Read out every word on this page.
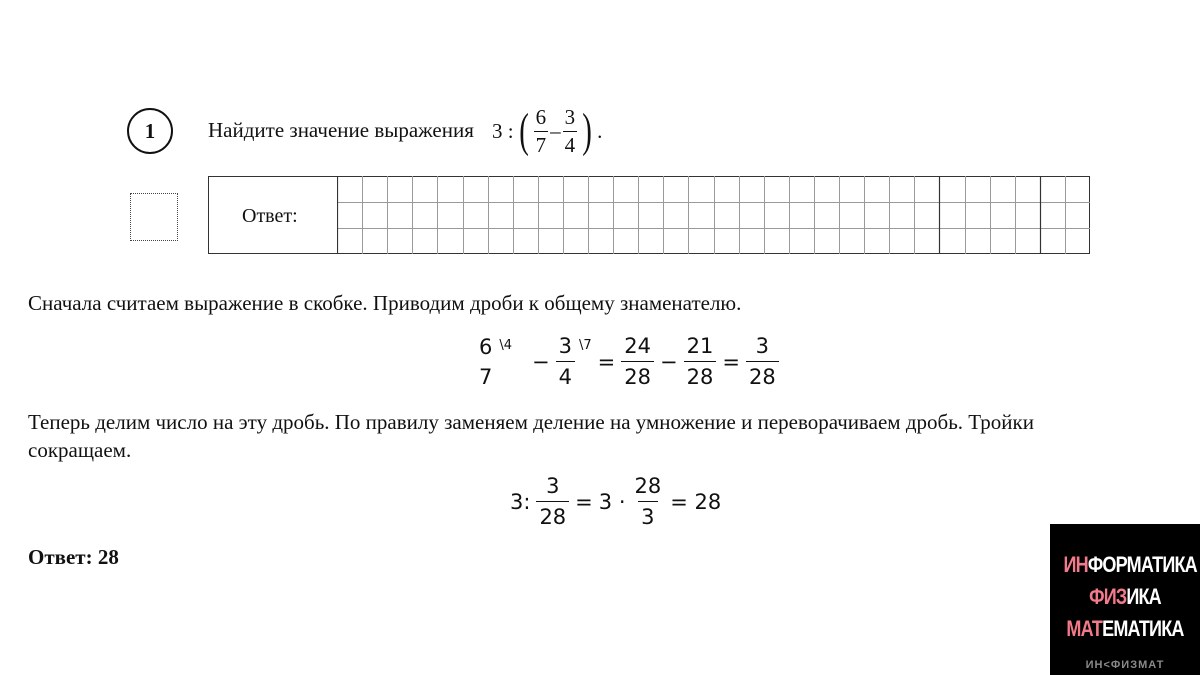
1	Найдите значение выражения 3 : ( $\frac{6}{7} - \frac{3}{4}$ ) .
Ответ:
Сначала считаем выражение в скобке. Приводим дроби к общему знаменателю.
6
7
\4
− $\frac{3}{4}$ \7
= $\frac{24}{28} - \frac{21}{28} = \frac{3}{28}$
Теперь делим число на эту дробь. По правилу заменяем деление на умножение и переворачиваем дробь. Тройки
сокращаем.
3: $\frac{3}{28} = 3 \cdot \frac{28}{3} = 28$
Ответ: 28	ИНФОРМАТИКА
ФИЗИКА
МАТЕМАТИКА
ИН<ФИЗМАТ
